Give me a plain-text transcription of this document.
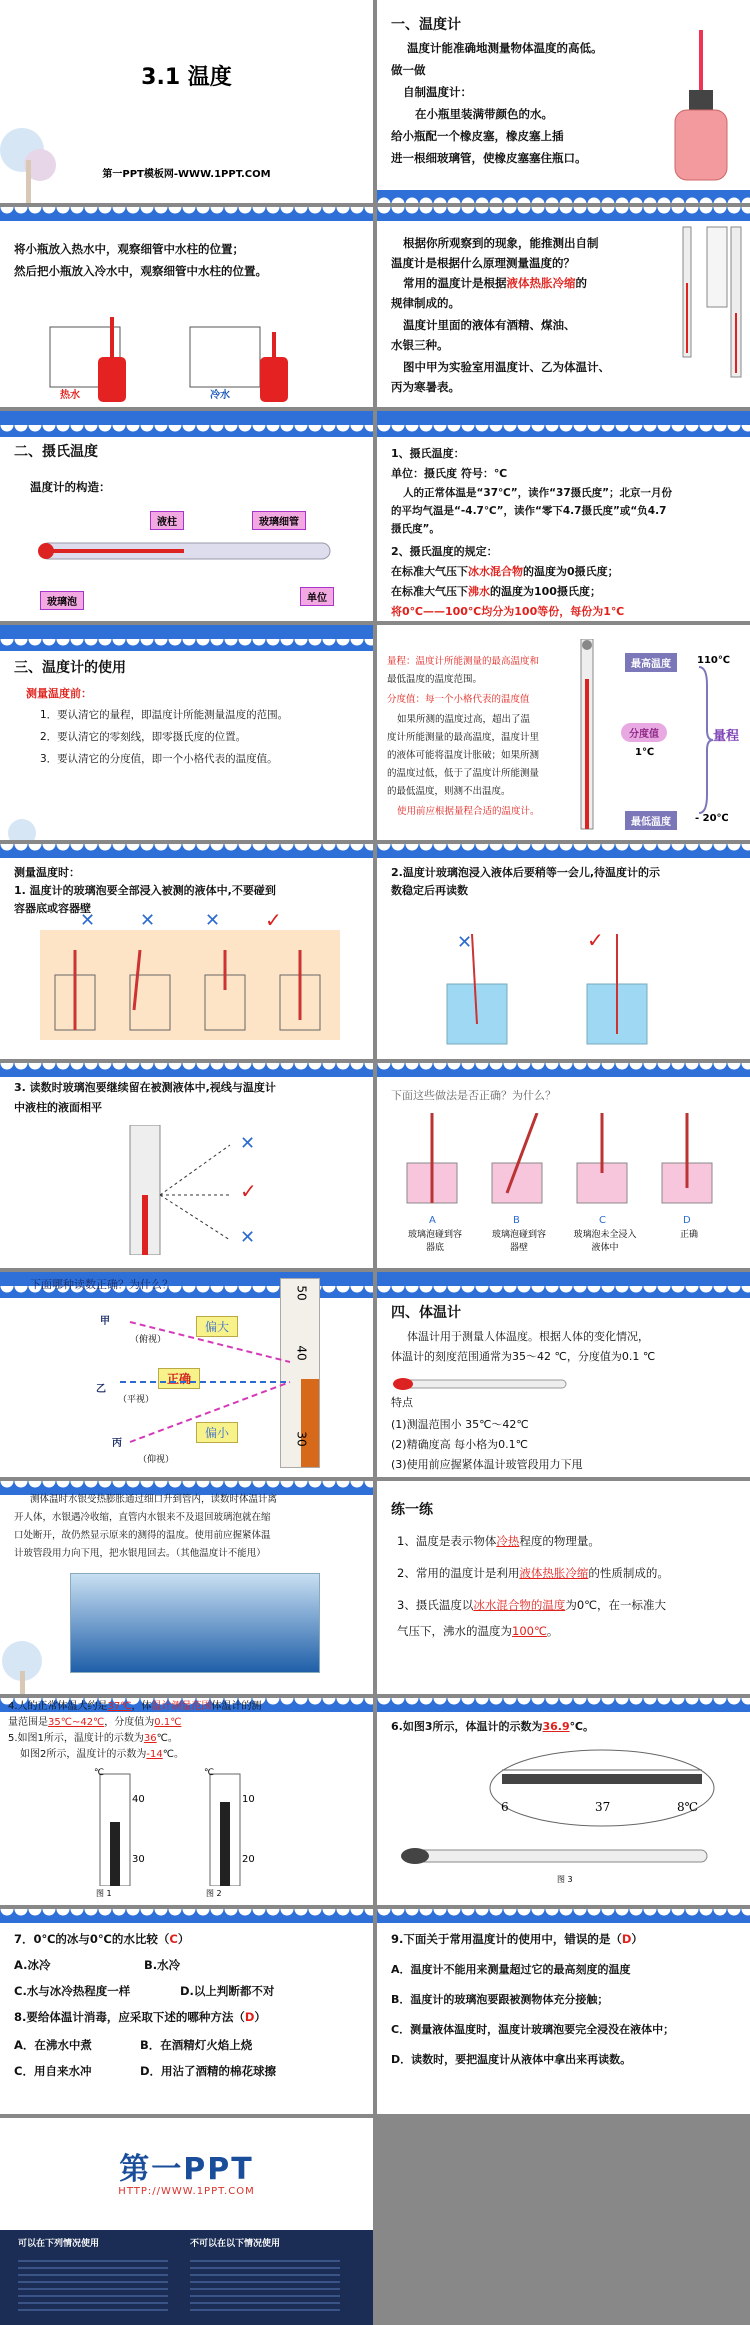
3.1 温度
第一PPT模板网-WWW.1PPT.COM
一、温度计
温度计能准确地测量物体温度的高低。
做一做
自制温度计：
在小瓶里装满带颜色的水。
给小瓶配一个橡皮塞，橡皮塞上插
进一根细玻璃管，使橡皮塞塞住瓶口。
将小瓶放入热水中，观察细管中水柱的位置；
然后把小瓶放入冷水中，观察细管中水柱的位置。
热水	冷水
根据你所观察到的现象，能推测出自制
温度计是根据什么原理测量温度的？
常用的温度计是根据液体热胀冷缩的
规律制成的。
温度计里面的液体有酒精、煤油、
水银三种。
图中甲为实验室用温度计、乙为体温计、
丙为寒暑表。
二、摄氏温度
温度计的构造：
液柱	玻璃细管
玻璃泡	单位
1、摄氏温度：
单位：摄氏度 符号：℃
人的正常体温是“37℃”，读作“37摄氏度”；北京一月份
的平均气温是“-4.7℃”，读作“零下4.7摄氏度”或“负4.7
摄氏度”。
2、摄氏温度的规定：
在标准大气压下冰水混合物的温度为0摄氏度；
在标准大气压下沸水的温度为100摄氏度；
将0℃——100℃均分为100等份，每份为1℃
三、温度计的使用
测量温度前：
1．要认清它的量程，即温度计所能测量温度的范围。
2．要认清它的零刻线，即零摄氏度的位置。
3．要认清它的分度值，即一个小格代表的温度值。
量程：温度计所能测量的最高温度和
最低温度的温度范围。
分度值：每一个小格代表的温度值
如果所测的温度过高，超出了温
度计所能测量的最高温度，温度计里
的液体可能将温度计胀破；如果所测
的温度过低，低于了温度计所能测量
的最低温度，则测不出温度。
使用前应根据量程合适的温度计。
最高温度	110℃
分度值
1℃
最低温度	- 20℃
量程
测量温度时：
1. 温度计的玻璃泡要全部浸入被测的液体中,不要碰到
容器底或容器壁
✕ ✕	✕ ✓
2.温度计玻璃泡浸入液体后要稍等一会儿,待温度计的示
数稳定后再读数
✕	✓
3. 读数时玻璃泡要继续留在被测液体中,视线与温度计
中液柱的液面相平
✕
✓
✕
下面这些做法是否正确？为什么？
A	B	C	D
玻璃泡碰到容器底
玻璃泡碰到容器壁
玻璃泡未全浸入液体中
正确
下面哪种读数正确？为什么？
50
40
30
甲
（俯视）
乙
（平视）
丙
（仰视）
偏大
正确
偏小
四、体温计
体温计用于测量人体温度。根据人体的变化情况，
体温计的刻度范围通常为35～42 ℃，分度值为0.1 ℃
特点
(1)测温范围小 35℃～42℃
(2)精确度高 每小格为0.1℃
(3)使用前应握紧体温计玻管段用力下甩
测体温时水银受热膨胀通过细口升到管内，读数时体温计离
开人体，水银遇冷收缩，直管内水银来不及退回玻璃泡就在缩
口处断开，故仍然显示原来的测得的温度。使用前应握紧体温
计玻管段用力向下甩，把水银甩回去。（其他温度计不能甩）
练一练
1、温度是表示物体冷热程度的物理量。
2、常用的温度计是利用液体热胀冷缩的性质制成的。
3、摄氏温度以冰水混合物的温度为0℃，在一标准大
气压下，沸水的温度为100℃。
4.人的正常体温大约是37℃，体温计测量范围体温计的测
量范围是35℃~42℃，分度值为0.1℃
5.如图1所示，温度计的示数为36℃。
如图2所示，温度计的示数为-14℃。
℃	℃
40
30
10
20
图 1	图 2
6.如图3所示，体温计的示数为36.9℃。
6	37	8℃
图 3
7．0℃的冰与0℃的水比较（C）
A.冰冷	B.水冷
C.水与冰冷热程度一样	D.以上判断都不对
8.要给体温计消毒，应采取下述的哪种方法（D）
A．在沸水中煮	B．在酒精灯火焰上烧
C．用自来水冲	D．用沾了酒精的棉花球擦
9.下面关于常用温度计的使用中，错误的是（D）
A．温度计不能用来测量超过它的最高刻度的温度
B．温度计的玻璃泡要跟被测物体充分接触；
C．测量液体温度时，温度计玻璃泡要完全浸没在液体中；
D．读数时，要把温度计从液体中拿出来再读数。
第一PPT
HTTP://WWW.1PPT.COM
可以在下列情况使用	不可以在以下情况使用
